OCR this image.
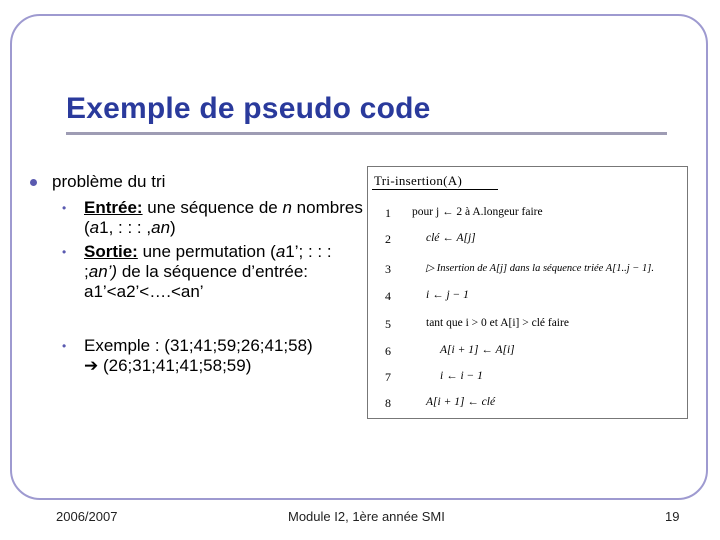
Exemple de pseudo code
problème du tri
• Entrée: une séquence de n nombres (a1, : : : ,an)
• Sortie: une permutation (a1’; : : : ;an’) de la séquence d’entrée: a1’<a2’<….<an’
• Exemple : (31;41;59;26;41;58)
➔ (26;31;41;41;58;59)
Tri-insertion(A)
1 pour j ← 2 à A.longeur faire
2	clé ← A[j]
3	▷ Insertion de A[j] dans la séquence triée A[1..j − 1].
4	i ← j − 1
5	tant que i > 0 et A[i] > clé faire
6	A[i + 1] ← A[i]
7	i ← i − 1
8	A[i + 1] ← clé
2006/2007	Module I2, 1ère année SMI	19
